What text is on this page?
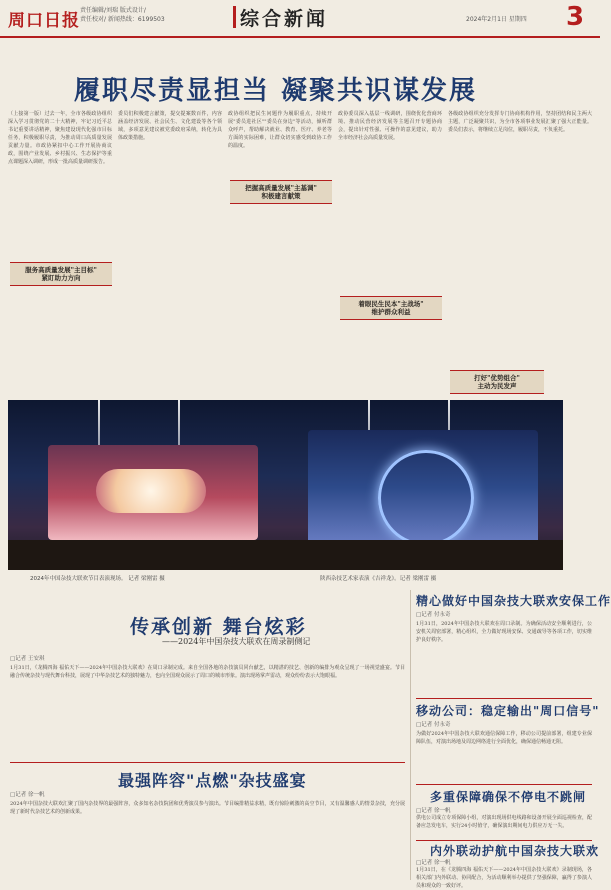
周口日报
责任编辑/刘瑞 版式设计/
责任校对/ 新闻热线：6199503	综合新闻	2024年2月1日 星期四 3
履职尽责显担当 凝聚共识谋发展
（上接第一版）过去一年，全市各级政协组织深入学习贯彻党的二十大精神，牢记习近平总书记重要讲话精神，聚焦建设现代化强市目标任务，积极履职尽责，为推动周口高质量发展贡献力量。市政协紧扣中心工作开展协商议政，围绕产业发展、乡村振兴、生态保护等重点课题深入调研，形成一批高质量调研报告。
服务高质量发展"主目标"
紧盯助力方向
委员们积极建言献策，提交提案数百件，内容涵盖经济发展、社会民生、文化建设等各个领域，多项意见建议被党委政府采纳，转化为具体政策措施。
政协组织把民生问题作为履职重点，持续开展"委员进社区""委员在身边"等活动，倾听群众呼声，帮助解决就业、教育、医疗、养老等方面的实际困难，让群众切实感受到政协工作的温度。
把握高质量发展"主基调"
积极建言献策
政协委员深入基层一线调研，围绕优化营商环境、推动民营经济发展等主题召开专题协商会，提出针对性强、可操作的意见建议，助力全市经济社会高质量发展。
着眼民生民本"主战场"
维护群众利益
各级政协组织充分发挥专门协商机构作用，坚持团结和民主两大主题，广泛凝聚共识，为全市各项事业发展汇聚了强大正能量。委员们表示，将继续立足岗位，履职尽责，不负重托。
打好"优势组合"
主动为民发声
2024年中国杂技大联欢节目表演现场。 记者 梁刚雷 摄	陕西杂技艺术家表演《吉祥龙》。记者 梁刚雷 摄
传承创新 舞台炫彩
——2024年中国杂技大联欢在周录制侧记
□记者 王安琪
1月31日，《龙腾四海 福佑天下——2024年中国杂技大联欢》在周口录制完成。来自全国各地的杂技演员同台献艺，以精湛的技艺、创新的编排为观众呈现了一场视觉盛宴。节目融合传统杂技与现代舞台科技，展现了中华杂技艺术的独特魅力，也向全国观众展示了周口的城市形象。演出现场掌声雷动，观众纷纷表示大饱眼福。
最强阵容"点燃"杂技盛宴
□记者 徐一帆
2024年中国杂技大联欢汇聚了国内杂技界的最强阵容，众多知名杂技院团和优秀演员参与演出。节目编排精益求精，既有惊险刺激的高空节目，又有温馨感人的情景杂技，充分展现了新时代杂技艺术的创新成果。
精心做好中国杂技大联欢安保工作
□记者 付永奇
1月31日，2024年中国杂技大联欢在周口录制。为确保活动安全顺利进行，公安机关周密部署，精心组织，全力做好现场安保、交通疏导等各项工作，切实维护良好秩序。
移动公司：稳定输出"周口信号"
□记者 付永奇
为做好2024年中国杂技大联欢通信保障工作，移动公司提前部署，组建专业保障队伍，对演出场地及周边网络进行全面优化，确保通信畅通无阻。
多重保障确保不停电不跳闸
□记者 徐一帆
供电公司成立专项保障小组，对演出现场供电线路和设备开展全面巡视检查，配备应急发电车，实行24小时值守，确保演出期间电力供应万无一失。
内外联动护航中国杂技大联欢
□记者 徐一帆
1月31日，在《龙腾四海 福佑天下——2024年中国杂技大联欢》录制现场，各相关部门内外联动、协同配合，为活动顺利举办提供了坚强保障，赢得了参演人员和观众的一致好评。
